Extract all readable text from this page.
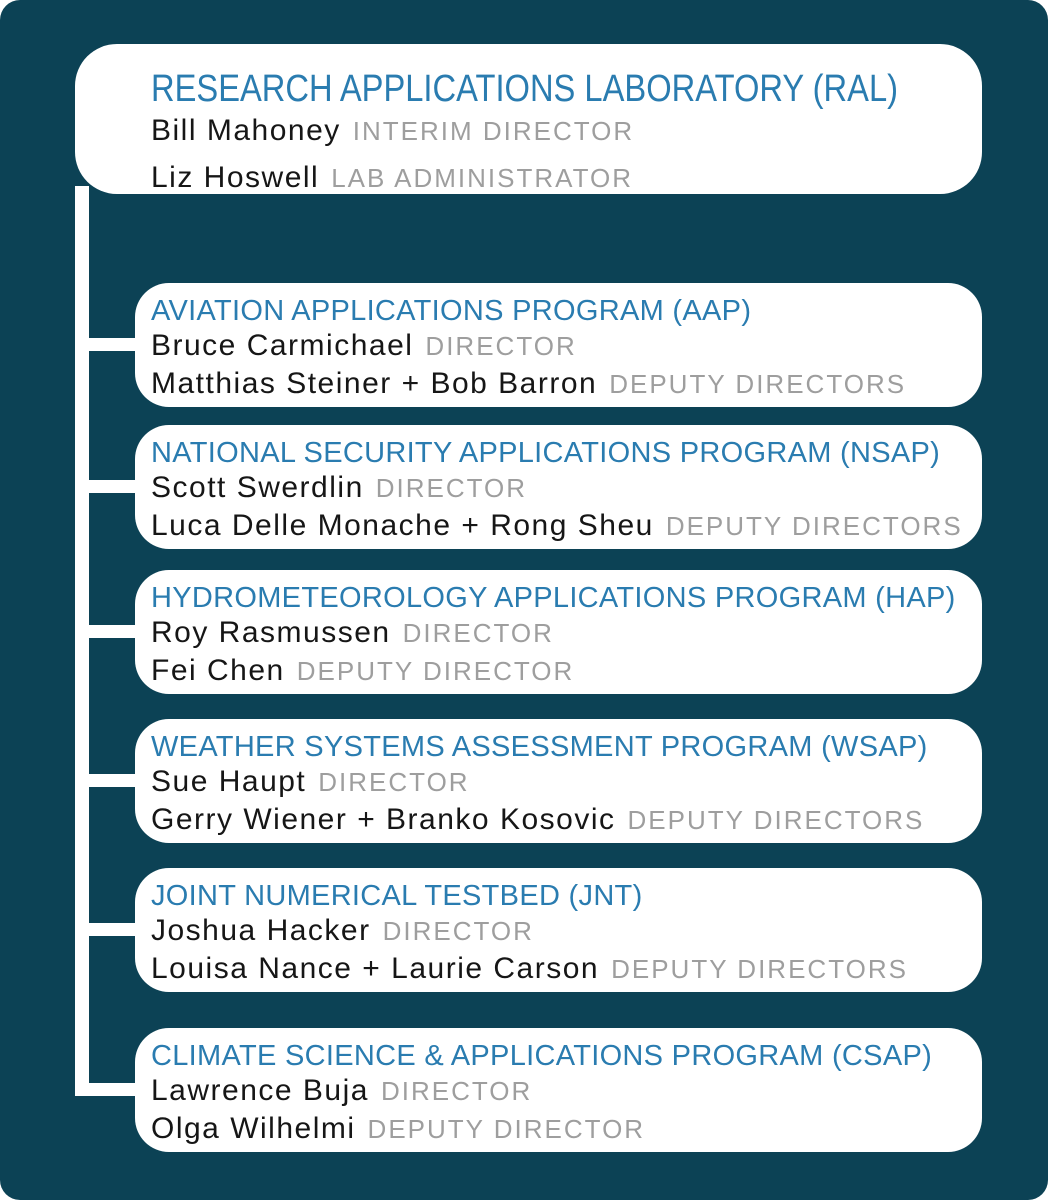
RESEARCH APPLICATIONS LABORATORY (RAL)

Bill Mahoney INTERIM DIRECTOR

Liz Hoswell LAB ADMINISTRATOR

AVIATION APPLICATIONS PROGRAM (AAP)

Bruce Carmichael DIRECTOR

Matthias Steiner + Bob Barron DEPUTY DIRECTORS

NATIONAL SECURITY APPLICATIONS PROGRAM (NSAP)

Scott Swerdlin DIRECTOR

Luca Delle Monache + Rong Sheu DEPUTY DIRECTORS

HYDROMETEOROLOGY APPLICATIONS PROGRAM (HAP)

Roy Rasmussen DIRECTOR

Fei Chen DEPUTY DIRECTOR

WEATHER SYSTEMS ASSESSMENT PROGRAM (WSAP)

Sue Haupt DIRECTOR

Gerry Wiener + Branko Kosovic DEPUTY DIRECTORS

JOINT NUMERICAL TESTBED (JNT)

Joshua Hacker DIRECTOR

Louisa Nance + Laurie Carson DEPUTY DIRECTORS

CLIMATE SCIENCE & APPLICATIONS PROGRAM (CSAP)

Lawrence Buja DIRECTOR

Olga Wilhelmi DEPUTY DIRECTOR
